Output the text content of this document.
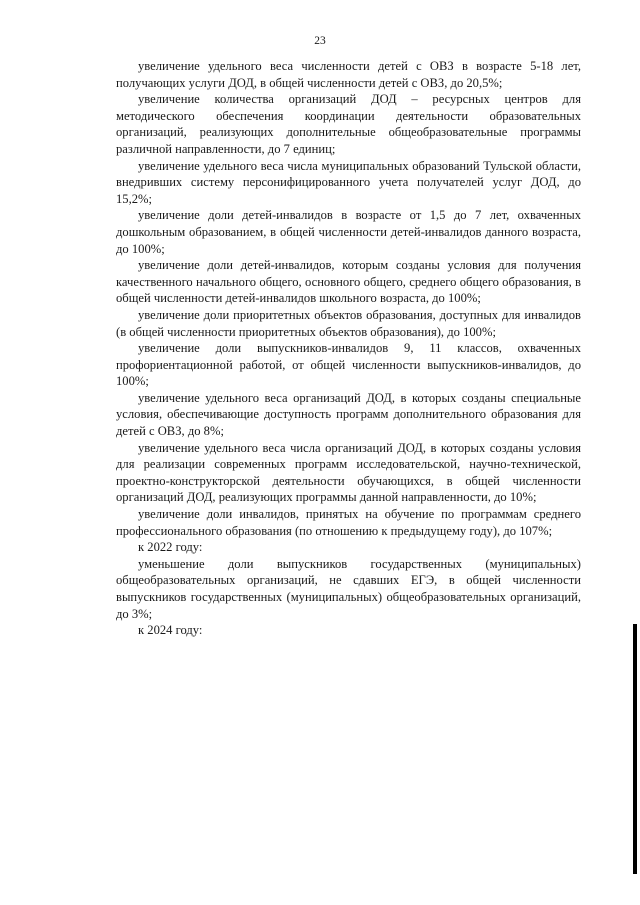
23

увеличение удельного веса численности детей с ОВЗ в возрасте 5-18 лет, получающих услуги ДОД, в общей численности детей с ОВЗ, до 20,5%;

увеличение количества организаций ДОД – ресурсных центров для методического обеспечения координации деятельности образовательных организаций, реализующих дополнительные общеобразовательные программы различной направленности, до 7 единиц;

увеличение удельного веса числа муниципальных образований Тульской области, внедривших систему персонифицированного учета получателей услуг ДОД, до 15,2%;

увеличение доли детей-инвалидов в возрасте от 1,5 до 7 лет, охваченных дошкольным образованием, в общей численности детей-инвалидов данного возраста, до 100%;

увеличение доли детей-инвалидов, которым созданы условия для получения качественного начального общего, основного общего, среднего общего образования, в общей численности детей-инвалидов школьного возраста, до 100%;

увеличение доли приоритетных объектов образования, доступных для инвалидов (в общей численности приоритетных объектов образования), до 100%;

увеличение доли выпускников-инвалидов 9, 11 классов, охваченных профориентационной работой, от общей численности выпускников-инвалидов, до 100%;

увеличение удельного веса организаций ДОД, в которых созданы специальные условия, обеспечивающие доступность программ дополнительного образования для детей с ОВЗ, до 8%;

увеличение удельного веса числа организаций ДОД, в которых созданы условия для реализации современных программ исследовательской, научно-технической, проектно-конструкторской деятельности обучающихся, в общей численности организаций ДОД, реализующих программы данной направленности, до 10%;

увеличение доли инвалидов, принятых на обучение по программам среднего профессионального образования (по отношению к предыдущему году), до 107%;

к 2022 году:

уменьшение доли выпускников государственных (муниципальных) общеобразовательных организаций, не сдавших ЕГЭ, в общей численности выпускников государственных (муниципальных) общеобразовательных организаций, до 3%;

к 2024 году:
